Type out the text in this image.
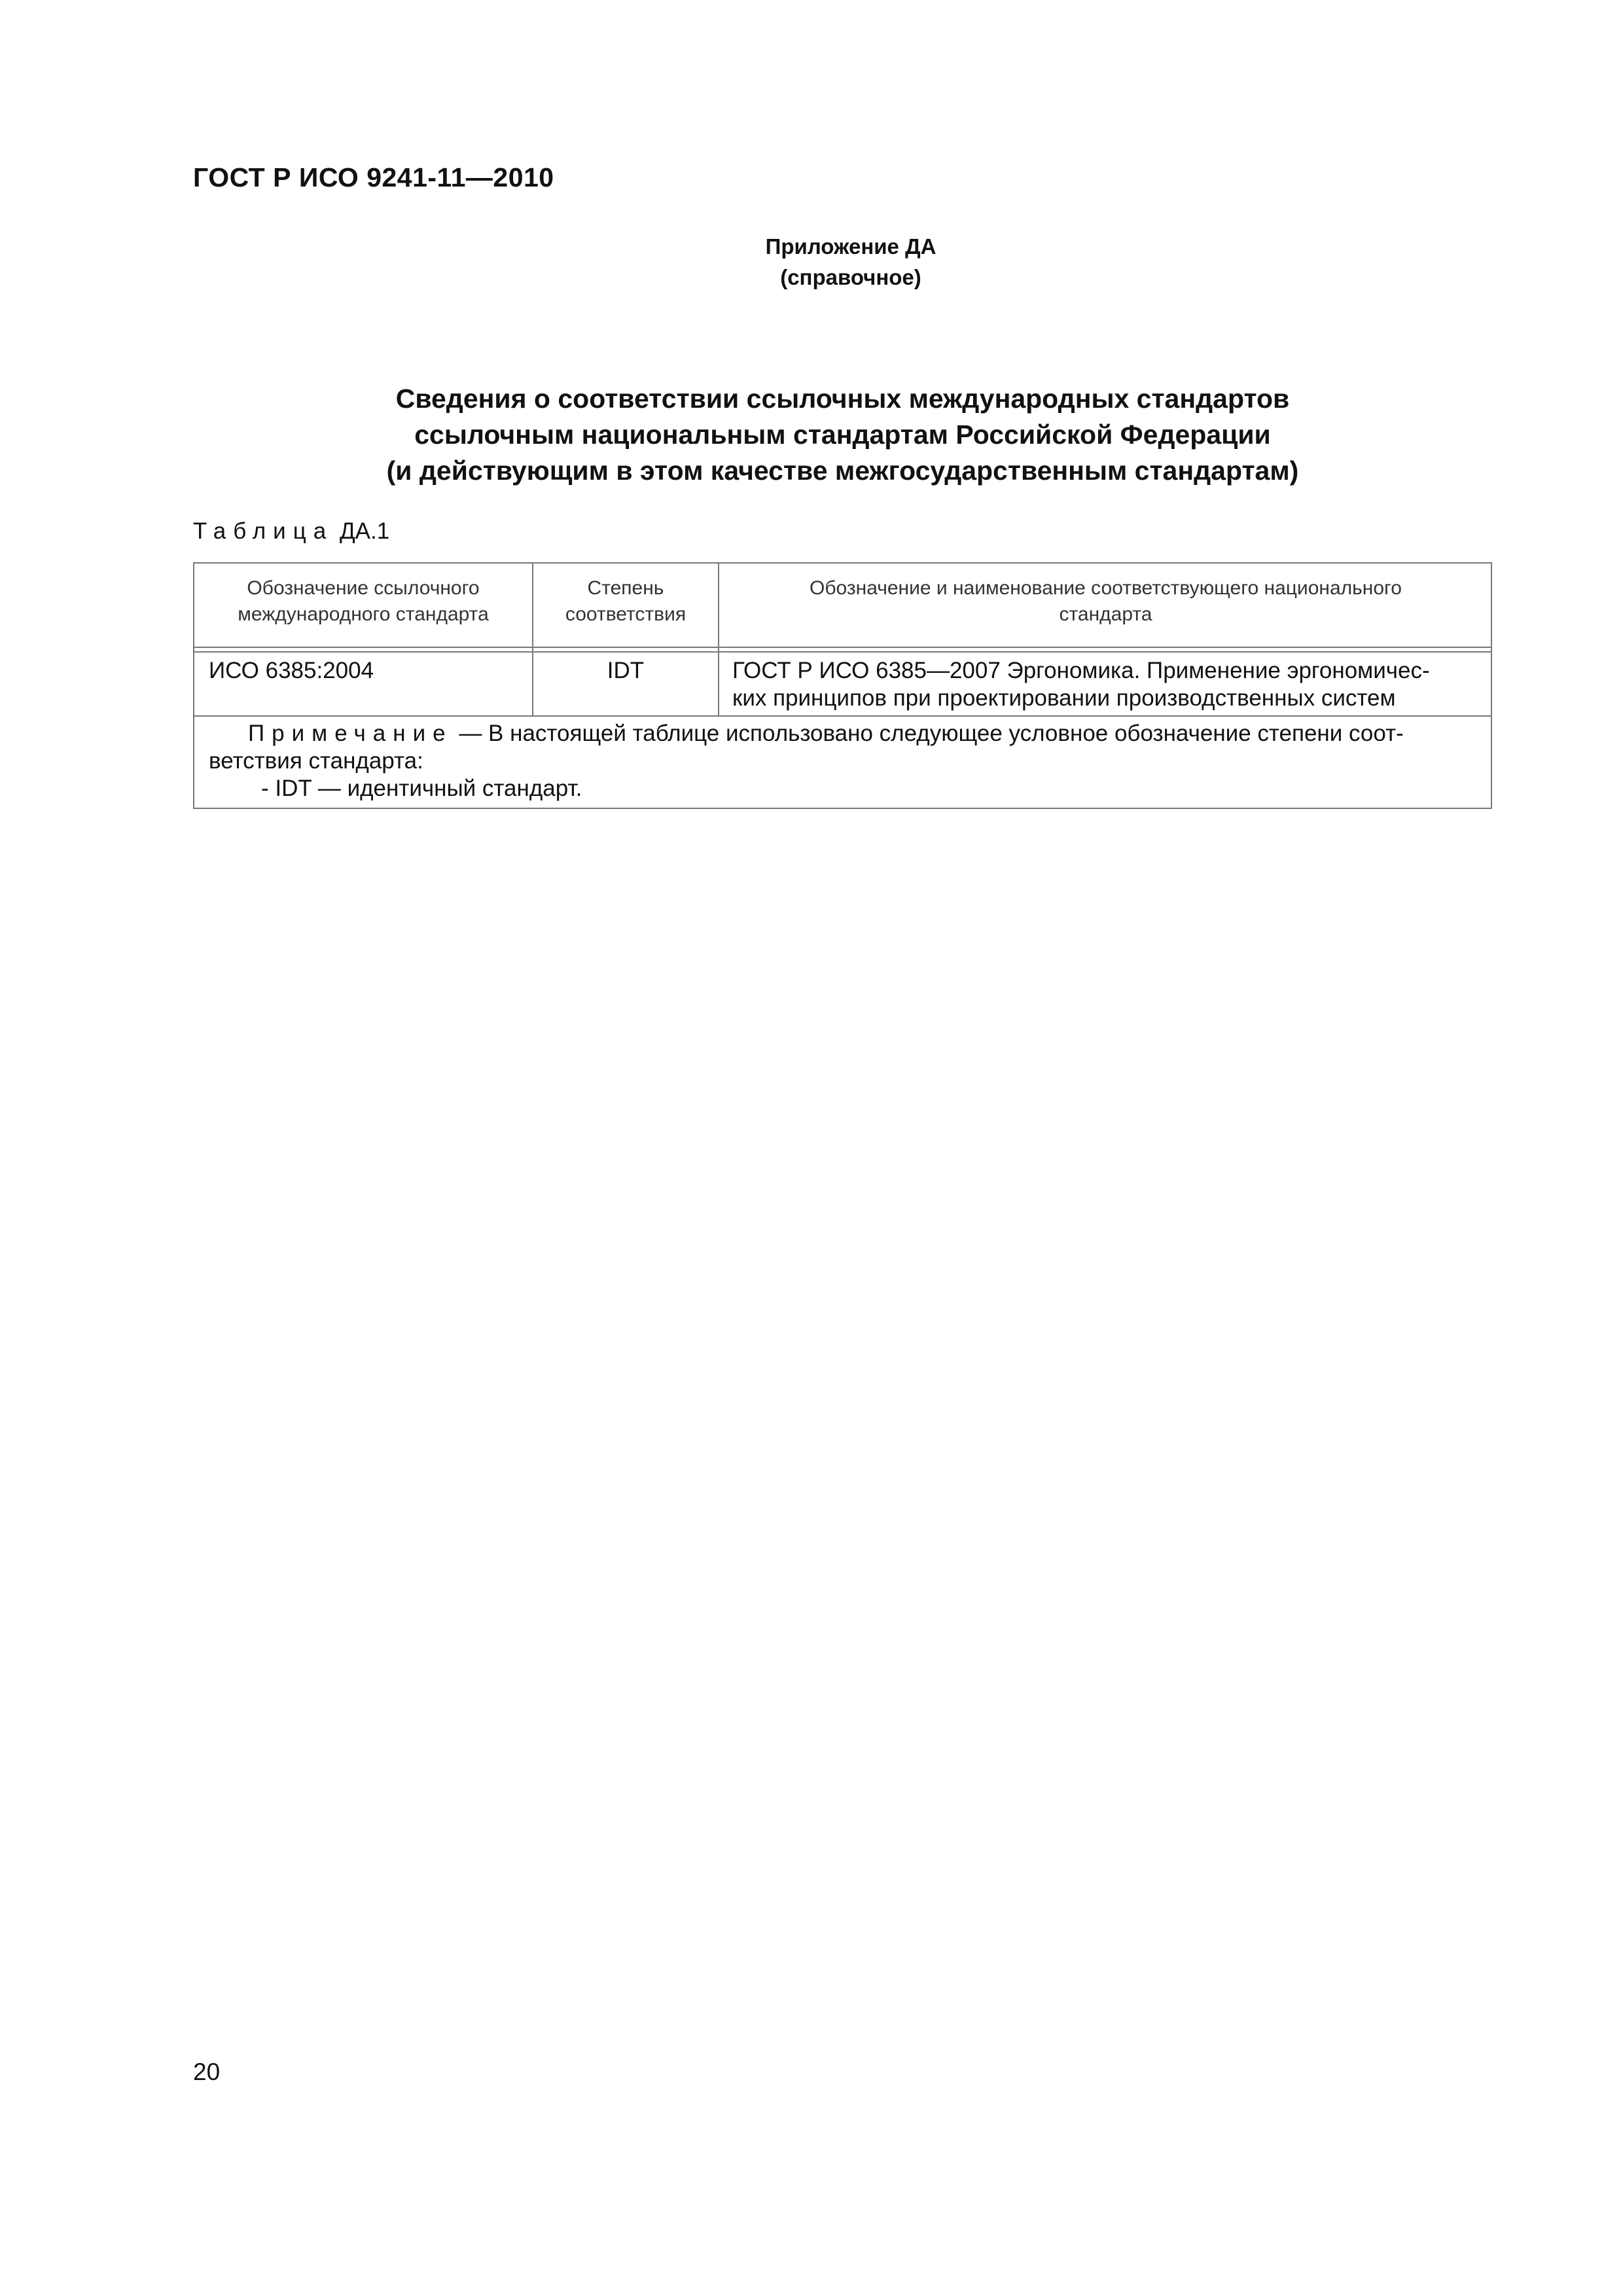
ГОСТ Р ИСО 9241-11—2010
Приложение ДА
(справочное)
Сведения о соответствии ссылочных международных стандартов
ссылочным национальным стандартам Российской Федерации
(и действующим в этом качестве межгосударственным стандартам)
Таблица ДА.1
Обозначение ссылочного
международного стандарта
Степень
соответствия
Обозначение и наименование соответствующего национального
стандарта
ИСО 6385:2004	IDT	ГОСТ Р ИСО 6385—2007 Эргономика. Применение эргономичес-
ких принципов при проектировании производственных систем
Примечание — В настоящей таблице использовано следующее условное обозначение степени соот-
ветствия стандарта:
- IDT — идентичный стандарт.
20
